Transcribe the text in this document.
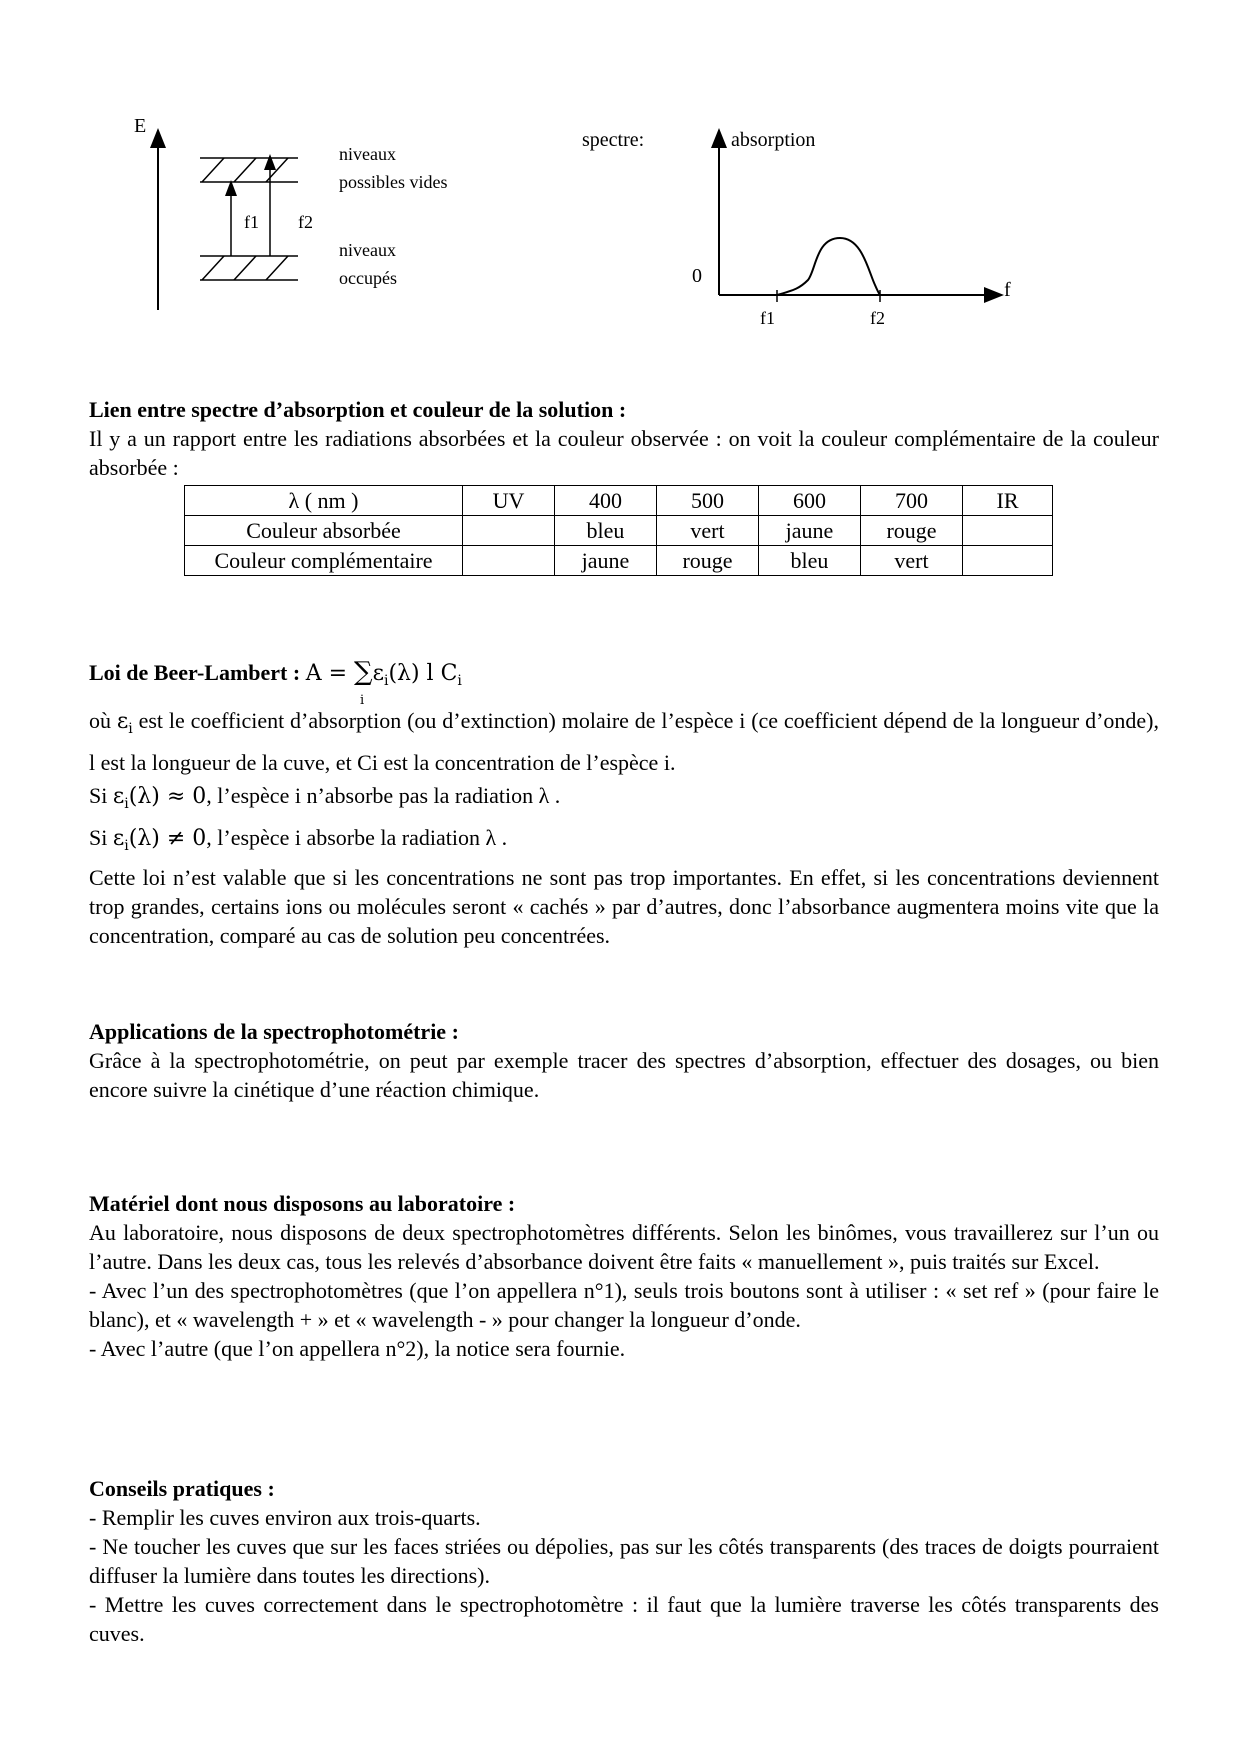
E
niveaux
possibles vides
f1 f2
niveaux
occupés
spectre:	absorption
0
f
f1	f2
Lien entre spectre d’absorption et couleur de la solution :
Il y a un rapport entre les radiations absorbées et la couleur observée : on voit la couleur complémentaire de la couleur absorbée :
λ ( nm )	UV	400	500	600	700	IR
Couleur absorbée		bleu	vert	jaune	rouge	
Couleur complémentaire		jaune	rouge	bleu	vert	
Loi de Beer-Lambert : A = ∑
i
$\varepsilon_i(\lambda)$ l $C_i$
où $\varepsilon_i$ est le coefficient d’absorption (ou d’extinction) molaire de l’espèce i (ce coefficient dépend de la longueur d’onde), l est la longueur de la cuve, et Ci est la concentration de l’espèce i.
Si $\varepsilon_i(\lambda) \approx 0$, l’espèce i n’absorbe pas la radiation λ .
Si $\varepsilon_i(\lambda) \ne 0$, l’espèce i absorbe la radiation λ .
Cette loi n’est valable que si les concentrations ne sont pas trop importantes. En effet, si les concentrations deviennent trop grandes, certains ions ou molécules seront « cachés » par d’autres, donc l’absorbance augmentera moins vite que la concentration, comparé au cas de solution peu concentrées.
Applications de la spectrophotométrie :
Grâce à la spectrophotométrie, on peut par exemple tracer des spectres d’absorption, effectuer des dosages, ou bien encore suivre la cinétique d’une réaction chimique.
Matériel dont nous disposons au laboratoire :
Au laboratoire, nous disposons de deux spectrophotomètres différents. Selon les binômes, vous travaillerez sur l’un ou l’autre. Dans les deux cas, tous les relevés d’absorbance doivent être faits « manuellement », puis traités sur Excel.
- Avec l’un des spectrophotomètres (que l’on appellera n°1), seuls trois boutons sont à utiliser : « set ref » (pour faire le blanc), et « wavelength + » et « wavelength - » pour changer la longueur d’onde.
- Avec l’autre (que l’on appellera n°2), la notice sera fournie.
Conseils pratiques :
- Remplir les cuves environ aux trois-quarts.
- Ne toucher les cuves que sur les faces striées ou dépolies, pas sur les côtés transparents (des traces de doigts pourraient diffuser la lumière dans toutes les directions).
- Mettre les cuves correctement dans le spectrophotomètre : il faut que la lumière traverse les côtés transparents des cuves.
